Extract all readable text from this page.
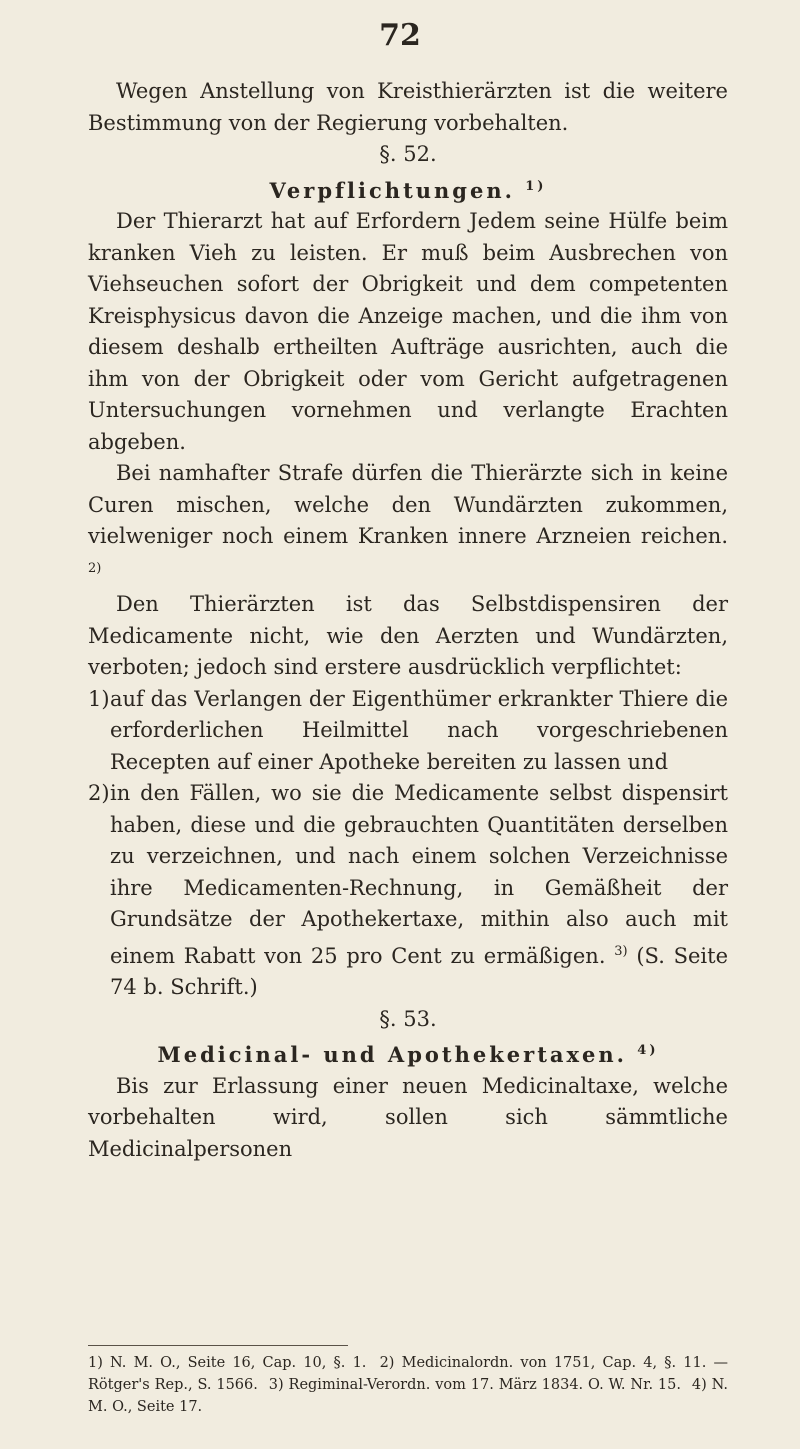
72

Wegen Anstellung von Kreisthierärzten ist die weitere Bestimmung von der Regierung vorbehalten.

§. 52.

Verpflichtungen. $^{1)}$

Der Thierarzt hat auf Erfordern Jedem seine Hülfe beim kranken Vieh zu leisten. Er muß beim Ausbrechen von Viehseuchen sofort der Obrigkeit und dem competenten Kreisphysicus davon die Anzeige machen, und die ihm von diesem deshalb ertheilten Aufträge ausrichten, auch die ihm von der Obrigkeit oder vom Gericht aufgetragenen Untersuchungen vornehmen und verlangte Erachten abgeben.

Bei namhafter Strafe dürfen die Thierärzte sich in keine Curen mischen, welche den Wundärzten zukommen, vielweniger noch einem Kranken innere Arzneien reichen. $^{2)}$

Den Thierärzten ist das Selbstdispensiren der Medicamente nicht, wie den Aerzten und Wundärzten, verboten; jedoch sind erstere ausdrücklich verpflichtet:

1) auf das Verlangen der Eigenthümer erkrankter Thiere die erforderlichen Heilmittel nach vorgeschriebenen Recepten auf einer Apotheke bereiten zu lassen und
2) in den Fällen, wo sie die Medicamente selbst dispensirt haben, diese und die gebrauchten Quantitäten derselben zu verzeichnen, und nach einem solchen Verzeichnisse ihre Medicamenten-Rechnung, in Gemäßheit der Grundsätze der Apothekertaxe, mithin also auch mit einem Rabatt von 25 pro Cent zu ermäßigen. $^{3)}$ (S. Seite 74 b. Schrift.)

§. 53.

Medicinal- und Apothekertaxen. $^{4)}$

Bis zur Erlassung einer neuen Medicinaltaxe, welche vorbehalten wird, sollen sich sämmtliche Medicinalpersonen

1) N. M. O., Seite 16, Cap. 10, §. 1. 2) Medicinalordn. von 1751, Cap. 4, §. 11. — Rötger's Rep., S. 1566. 3) Regiminal-Verordn. vom 17. März 1834. O. W. Nr. 15. 4) N. M. O., Seite 17.
